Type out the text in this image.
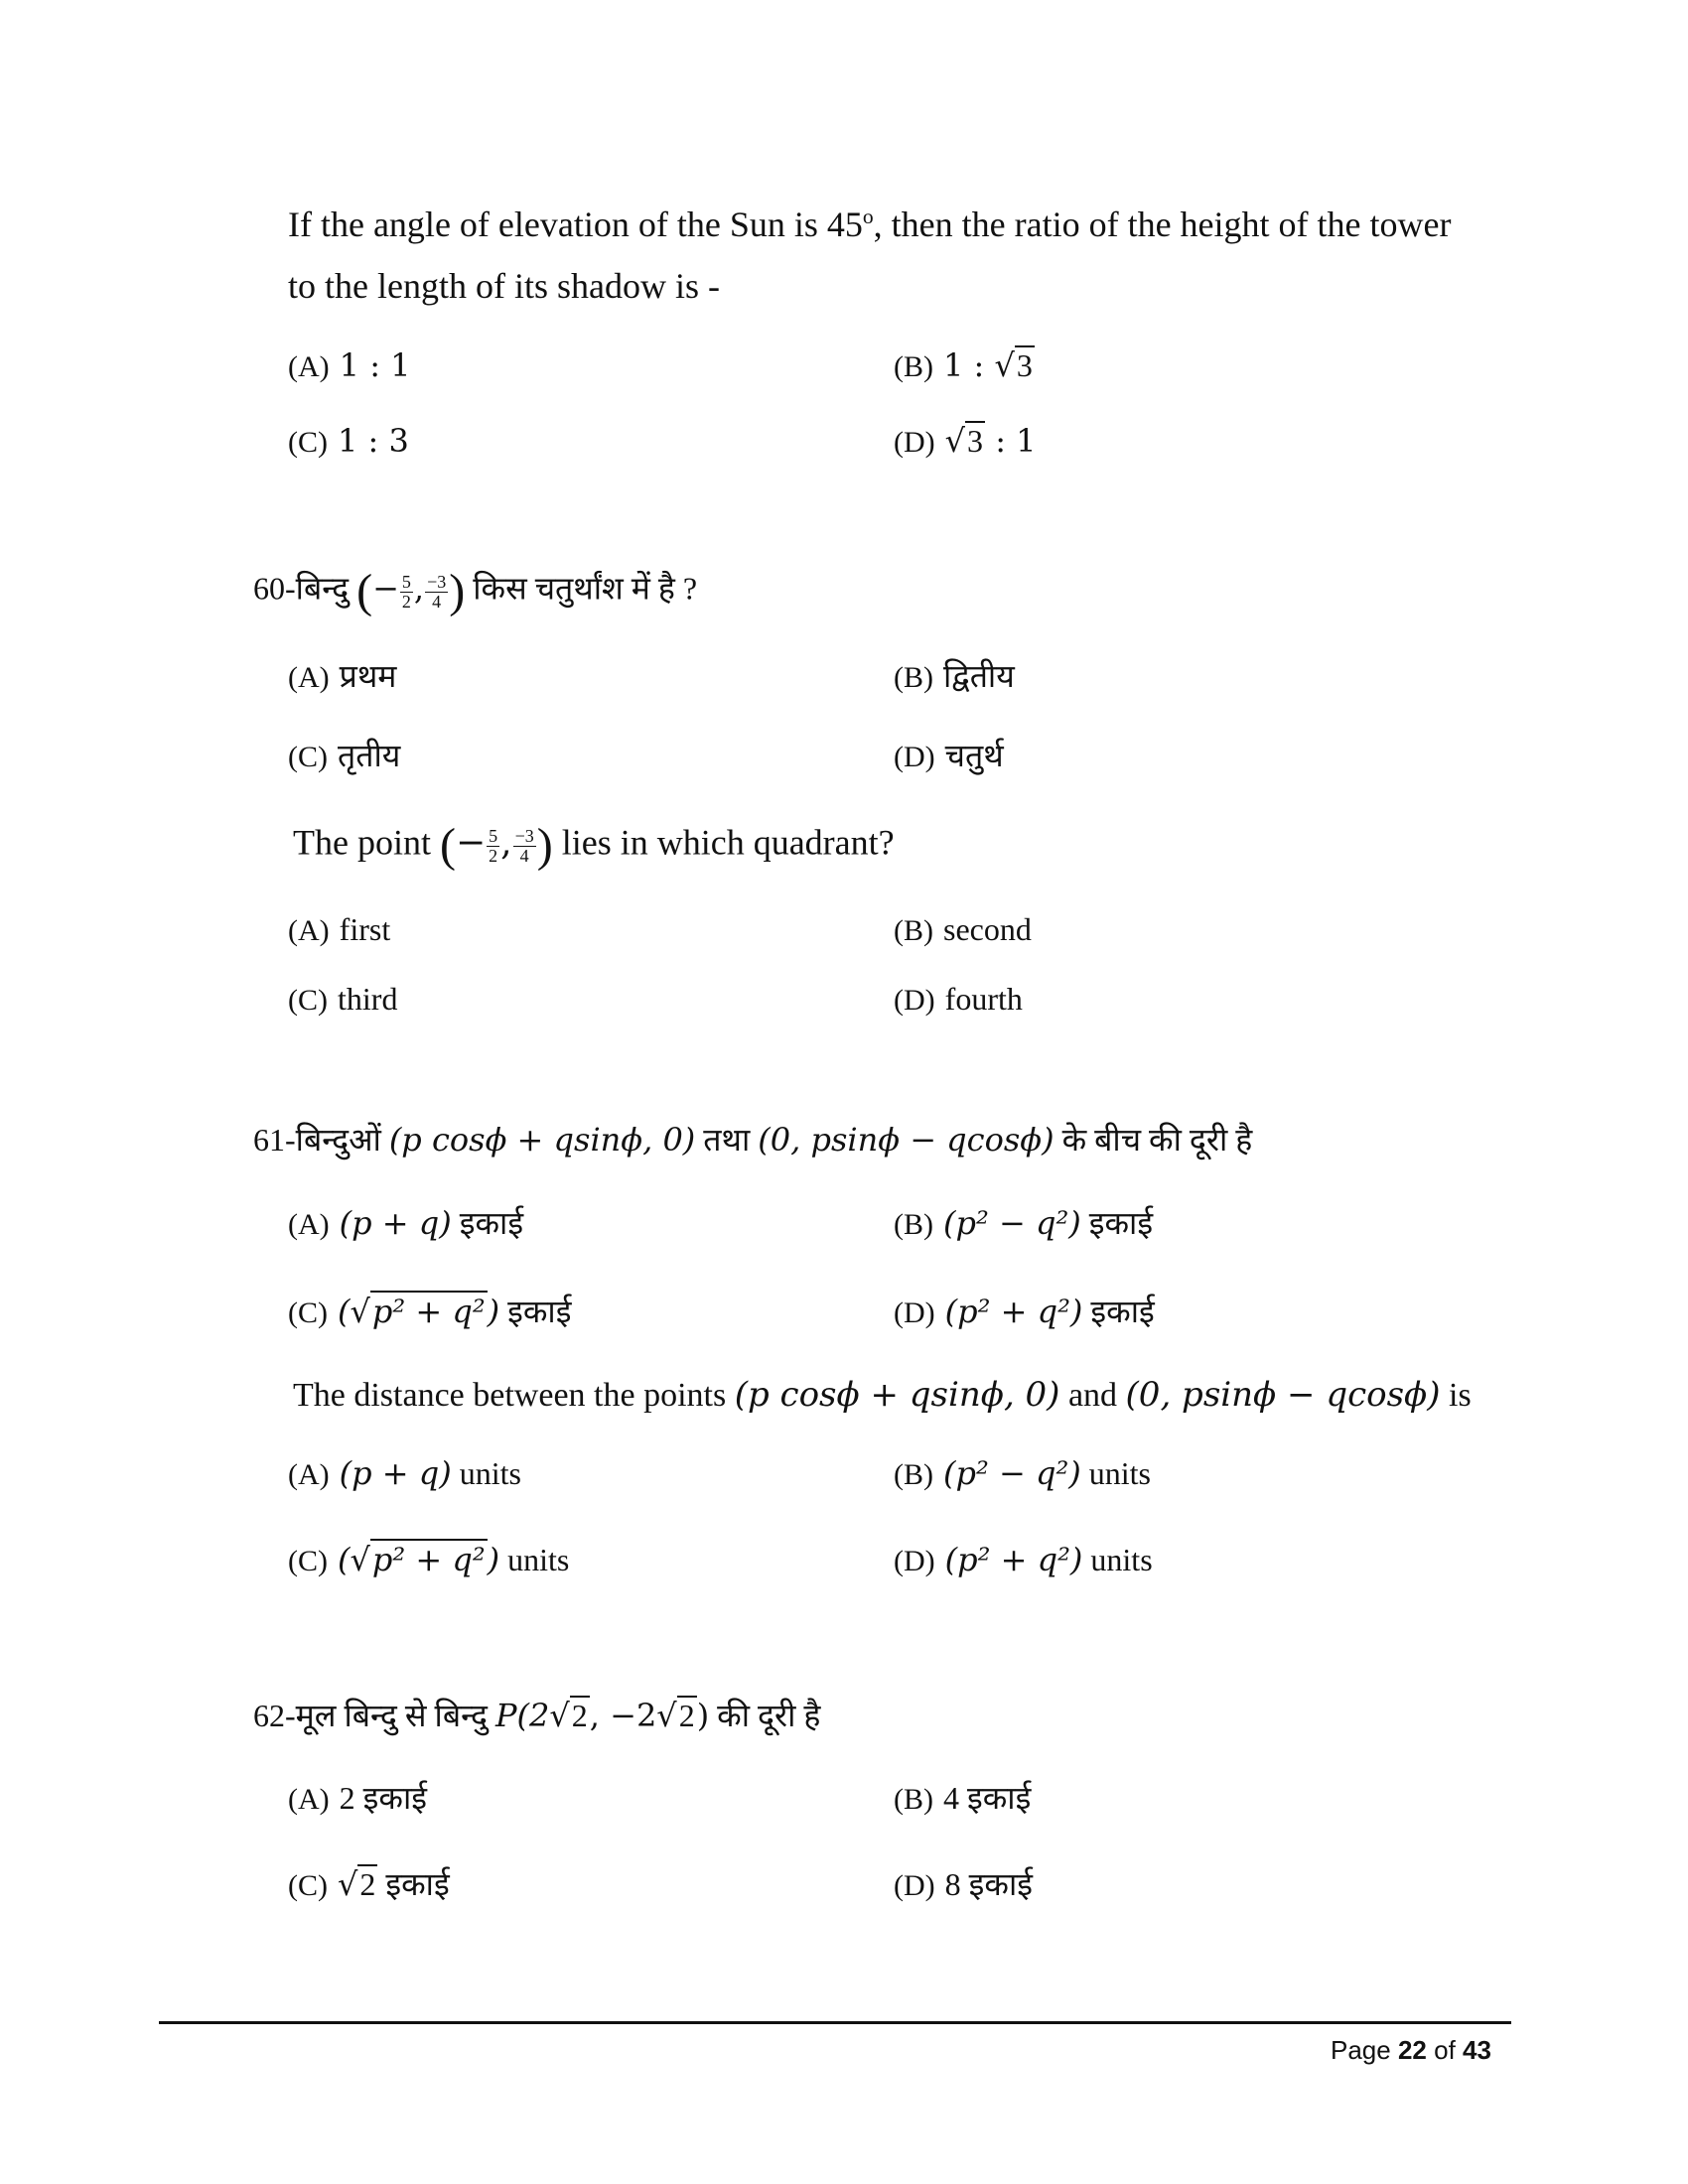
If the angle of elevation of the Sun is 45$^o$, then the ratio of the height of the tower
to the length of its shadow is -
(A) 1 : 1	(B) 1 : √3
(C) 1 : 3	(D) √3 : 1
60-बिन्दु (− $\frac{5}{2}$ , $\frac{-3}{4}$ ) किस चतुर्थांश में है ?
(A) प्रथम	(B) द्वितीय
(C) तृतीय	(D) चतुर्थ
The point (− $\frac{5}{2}$ , $\frac{-3}{4}$ ) lies in which quadrant?
(A) first	(B) second
(C) third	(D) fourth
61-बिन्दुओं (p cosϕ + qsinϕ, 0) तथा (0, psinϕ − qcosϕ) के बीच की दूरी है
(A) (p + q) इकाई	(B) (p² − q²) इकाई
(C) (√p² + q²) इकाई	(D) (p² + q²) इकाई
The distance between the points (p cosϕ + qsinϕ, 0) and (0, psinϕ − qcosϕ) is
(A) (p + q) units	(B) (p² − q²) units
(C) (√p² + q²) units	(D) (p² + q²) units
62-मूल बिन्दु से बिन्दु P(2√2, −2√2) की दूरी है
(A) 2 इकाई	(B) 4 इकाई
(C) √2 इकाई	(D) 8 इकाई
Page 22 of 43
